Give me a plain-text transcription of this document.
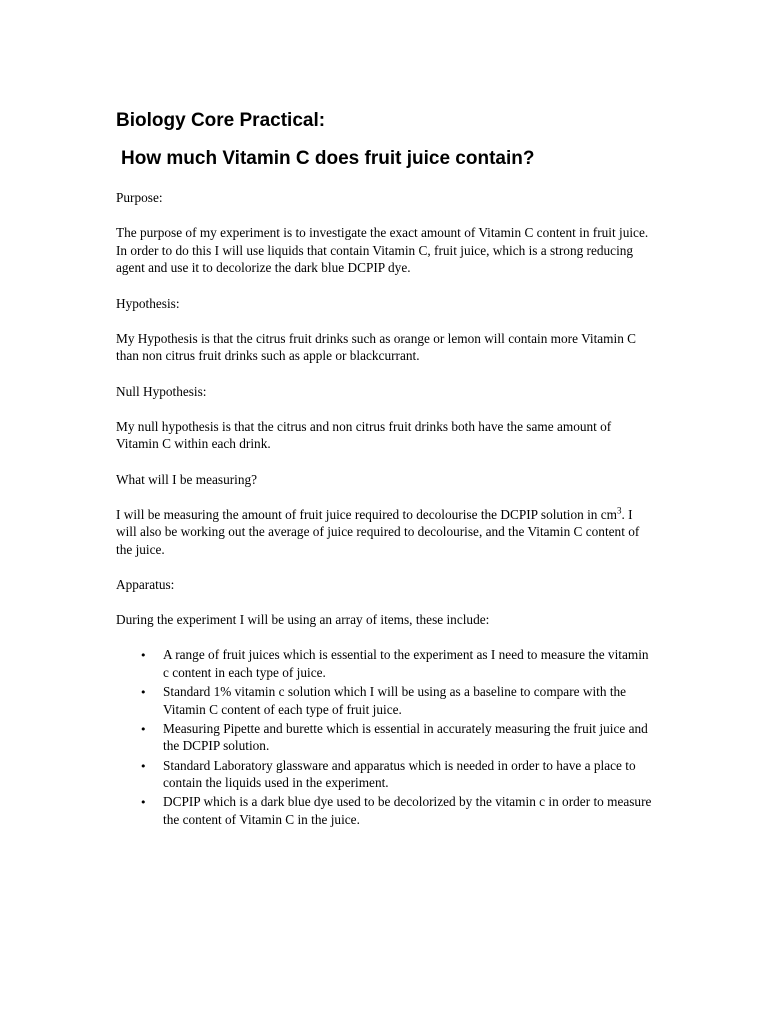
Biology Core Practical:
How much Vitamin C does fruit juice contain?

Purpose:

The purpose of my experiment is to investigate the exact amount of Vitamin C content in fruit juice. In order to do this I will use liquids that contain Vitamin C, fruit juice, which is a strong reducing agent and use it to decolorize the dark blue DCPIP dye.

Hypothesis:

My Hypothesis is that the citrus fruit drinks such as orange or lemon will contain more Vitamin C than non citrus fruit drinks such as apple or blackcurrant.

Null Hypothesis:

My null hypothesis is that the citrus and non citrus fruit drinks both have the same amount of Vitamin C within each drink.

What will I be measuring?

I will be measuring the amount of fruit juice required to decolourise the DCPIP solution in $cm^3$. I will also be working out the average of juice required to decolourise, and the Vitamin C content of the juice.

Apparatus:

During the experiment I will be using an array of items, these include:

• A range of fruit juices which is essential to the experiment as I need to measure the vitamin c content in each type of juice.
• Standard 1% vitamin c solution which I will be using as a baseline to compare with the Vitamin C content of each type of fruit juice.
• Measuring Pipette and burette which is essential in accurately measuring the fruit juice and the DCPIP solution.
• Standard Laboratory glassware and apparatus which is needed in order to have a place to contain the liquids used in the experiment.
• DCPIP which is a dark blue dye used to be decolorized by the vitamin c in order to measure the content of Vitamin C in the juice.
